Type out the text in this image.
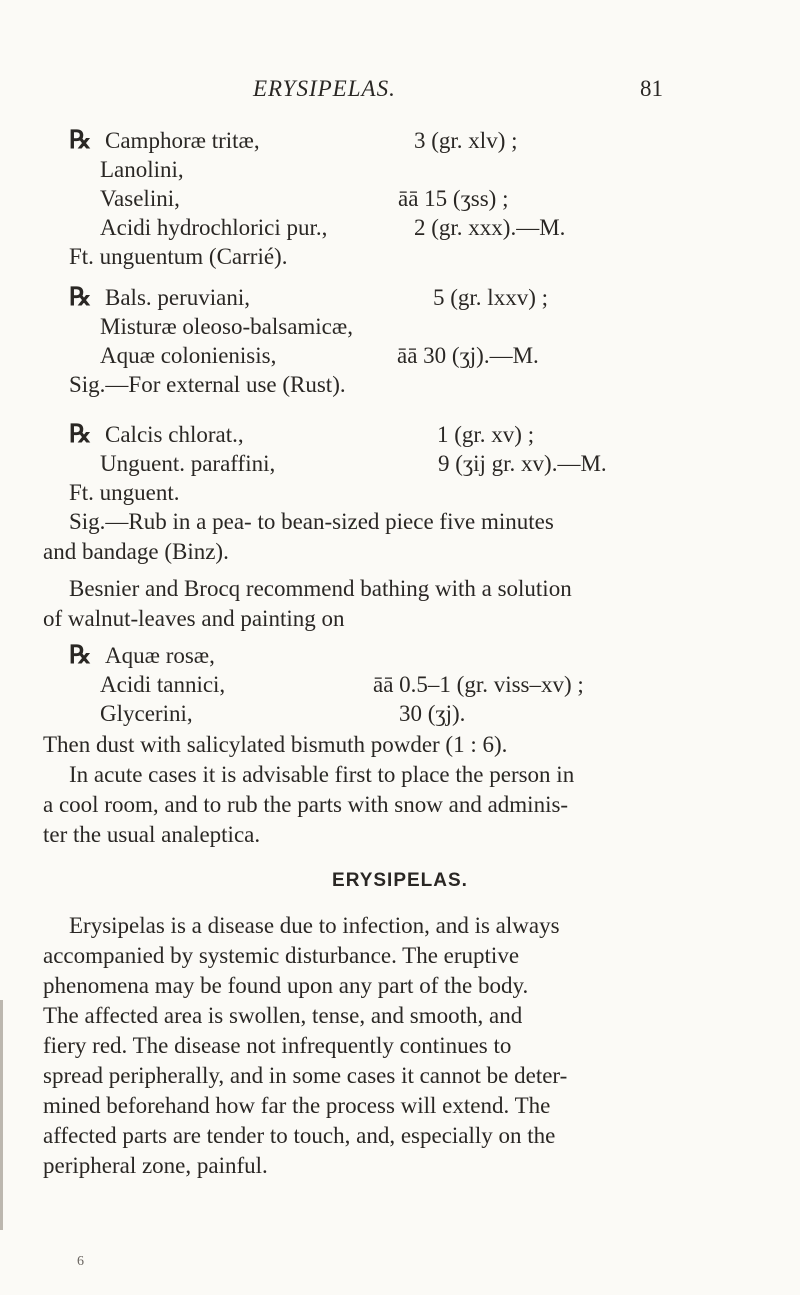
ERYSIPELAS.	81
℞ Camphoræ tritæ,	3 (gr. xlv) ;
Lanolini,
Vaselini,	āā 15 (ʒss) ;
Acidi hydrochlorici pur.,	2 (gr. xxx).—M.
Ft. unguentum (Carrié).
℞ Bals. peruviani,	5 (gr. lxxv) ;
Misturæ oleoso-balsamicæ,
Aquæ colonienisis,	āā 30 (ʒj).—M.
Sig.—For external use (Rust).
℞ Calcis chlorat.,	1 (gr. xv) ;
Unguent. paraffini,	9 (ʒij gr. xv).—M.
Ft. unguent.
Sig.—Rub in a pea- to bean-sized piece five minutes
and bandage (Binz).
Besnier and Brocq recommend bathing with a solution
of walnut-leaves and painting on
℞ Aquæ rosæ,
Acidi tannici,	āā 0.5–1 (gr. viss–xv) ;
Glycerini,	30 (ʒj).
Then dust with salicylated bismuth powder (1 : 6).
In acute cases it is advisable first to place the person in
a cool room, and to rub the parts with snow and adminis-
ter the usual analeptica.
ERYSIPELAS.
Erysipelas is a disease due to infection, and is always
accompanied by systemic disturbance. The eruptive
phenomena may be found upon any part of the body.
The affected area is swollen, tense, and smooth, and
fiery red. The disease not infrequently continues to
spread peripherally, and in some cases it cannot be deter-
mined beforehand how far the process will extend. The
affected parts are tender to touch, and, especially on the
peripheral zone, painful.
6
